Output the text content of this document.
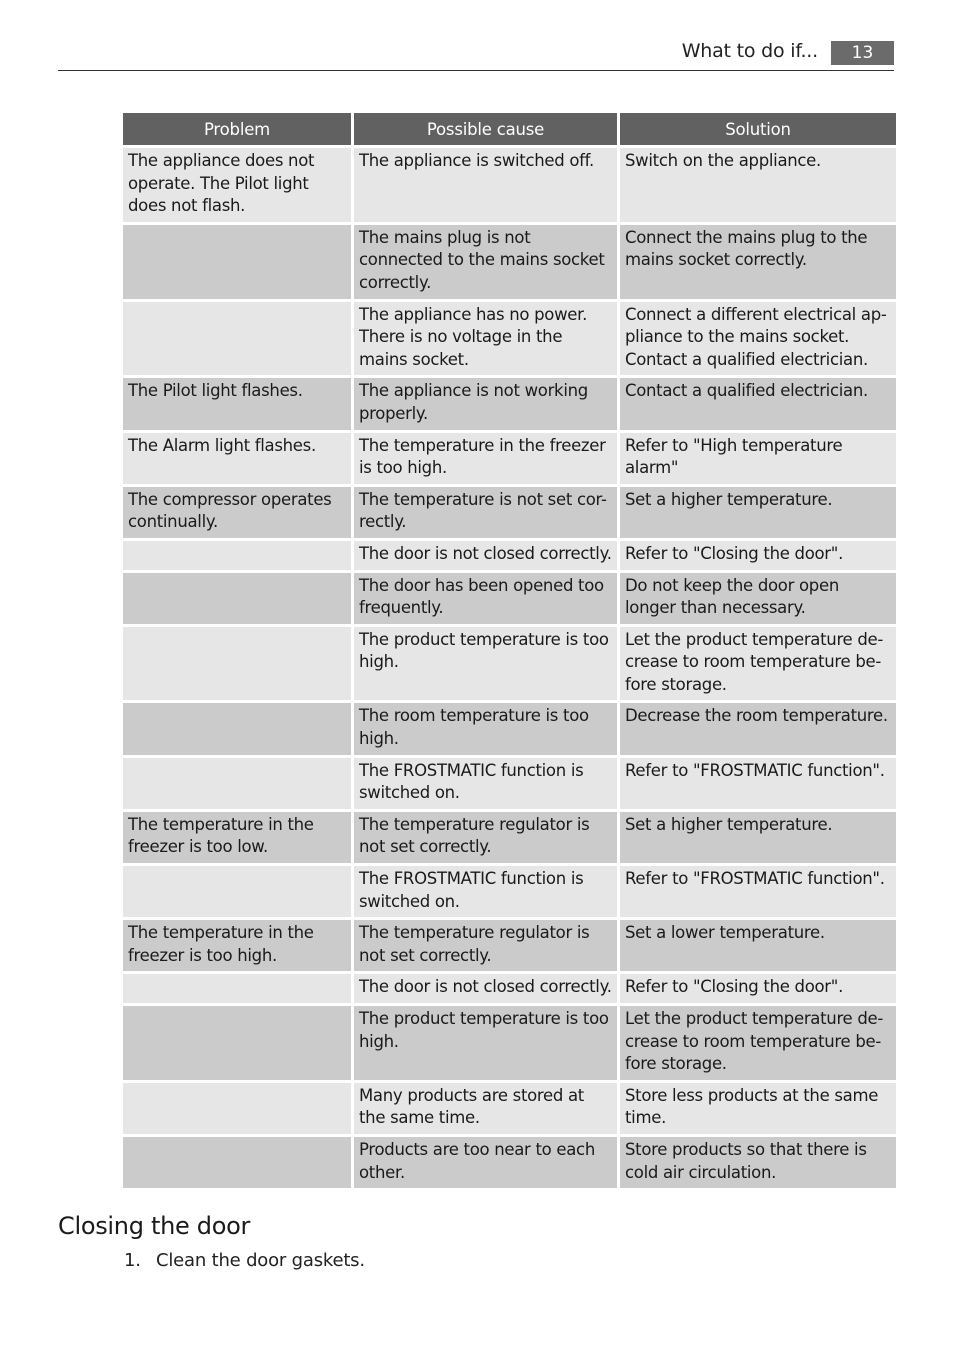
What to do if...	13
Problem	Possible cause	Solution
The appliance does not operate. The Pilot light does not flash.	The appliance is switched off.	Switch on the appliance.
	The mains plug is not connected to the mains socket correctly.	Connect the mains plug to the mains socket correctly.
	The appliance has no power. There is no voltage in the mains socket.	Connect a different electrical ap-pliance to the mains socket. Contact a qualified electrician.
The Pilot light flashes.	The appliance is not working properly.	Contact a qualified electrician.
The Alarm light flashes.	The temperature in the freezer is too high.	Refer to "High temperature alarm"
The compressor operates continually.	The temperature is not set cor-rectly.	Set a higher temperature.
	The door is not closed correctly.	Refer to "Closing the door".
	The door has been opened too frequently.	Do not keep the door open longer than necessary.
	The product temperature is too high.	Let the product temperature de-crease to room temperature be-fore storage.
	The room temperature is too high.	Decrease the room temperature.
	The FROSTMATIC function is switched on.	Refer to "FROSTMATIC function".
The temperature in the freezer is too low.	The temperature regulator is not set correctly.	Set a higher temperature.
	The FROSTMATIC function is switched on.	Refer to "FROSTMATIC function".
The temperature in the freezer is too high.	The temperature regulator is not set correctly.	Set a lower temperature.
	The door is not closed correctly.	Refer to "Closing the door".
	The product temperature is too high.	Let the product temperature de-crease to room temperature be-fore storage.
	Many products are stored at the same time.	Store less products at the same time.
	Products are too near to each other.	Store products so that there is cold air circulation.
Closing the door
1. Clean the door gaskets.
